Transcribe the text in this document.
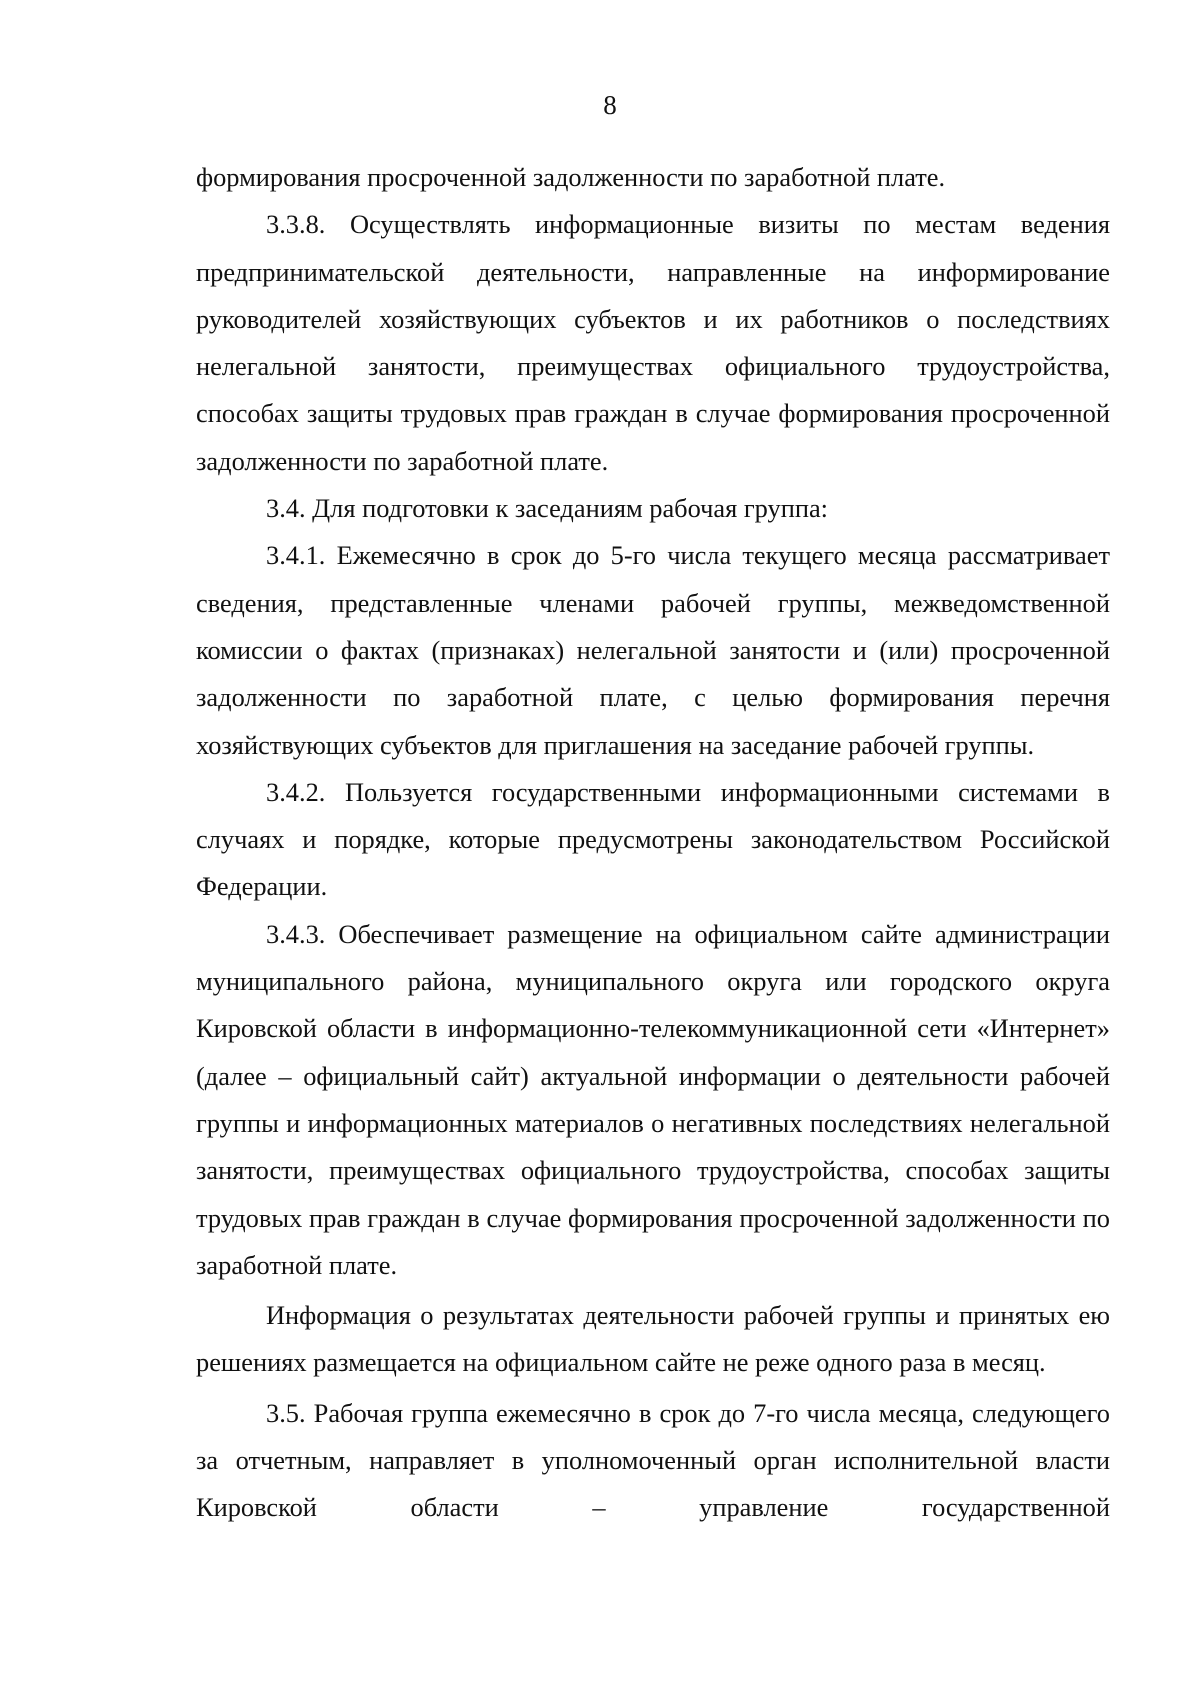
8

формирования просроченной задолженности по заработной плате.

3.3.8. Осуществлять информационные визиты по местам ведения предпринимательской деятельности, направленные на информирование руководителей хозяйствующих субъектов и их работников о последствиях нелегальной занятости, преимуществах официального трудоустройства, способах защиты трудовых прав граждан в случае формирования просроченной задолженности по заработной плате.

3.4. Для подготовки к заседаниям рабочая группа:

3.4.1. Ежемесячно в срок до 5-го числа текущего месяца рассматривает сведения, представленные членами рабочей группы, межведомственной комиссии о фактах (признаках) нелегальной занятости и (или) просроченной задолженности по заработной плате, с целью формирования перечня хозяйствующих субъектов для приглашения на заседание рабочей группы.

3.4.2. Пользуется государственными информационными системами в случаях и порядке, которые предусмотрены законодательством Российской Федерации.

3.4.3. Обеспечивает размещение на официальном сайте администрации муниципального района, муниципального округа или городского округа Кировской области в информационно-телекоммуникационной сети «Интернет» (далее – официальный сайт) актуальной информации о деятельности рабочей группы и информационных материалов о негативных последствиях нелегальной занятости, преимуществах официального трудоустройства, способах защиты трудовых прав граждан в случае формирования просроченной задолженности по заработной плате.

Информация о результатах деятельности рабочей группы и принятых ею решениях размещается на официальном сайте не реже одного раза в месяц.

3.5. Рабочая группа ежемесячно в срок до 7-го числа месяца, следующего за отчетным, направляет в уполномоченный орган исполнительной власти Кировской области – управление государственной
